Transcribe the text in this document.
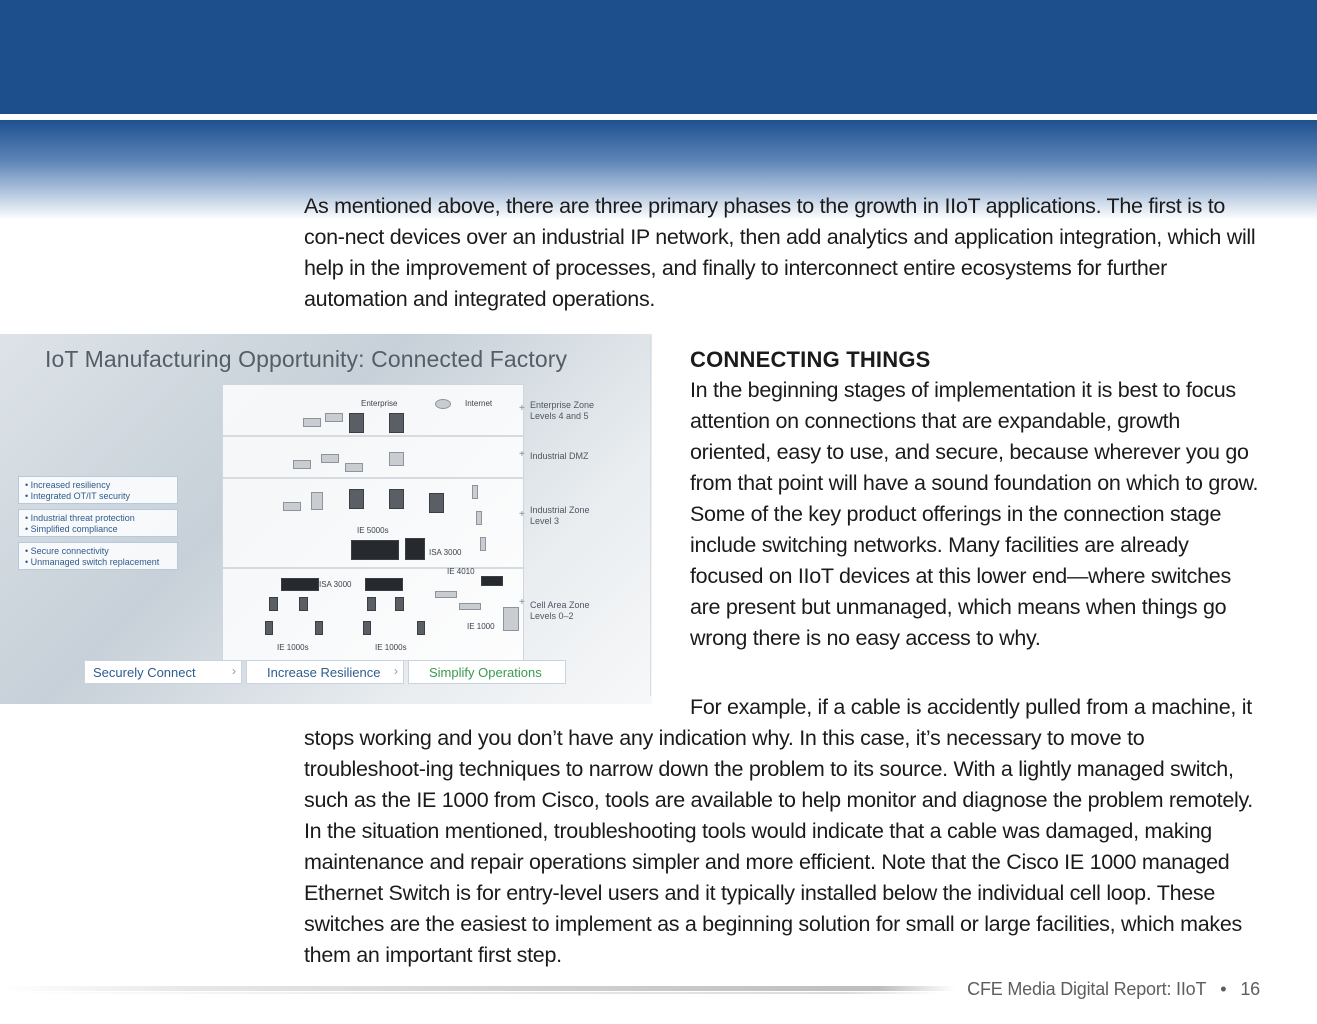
As mentioned above, there are three primary phases to the growth in IIoT applications. The first is to con-nect devices over an industrial IP network, then add analytics and application integration, which will help in the improvement of processes, and finally to interconnect entire ecosystems for further automation and integrated operations.

IoT Manufacturing Opportunity: Connected Factory
• Increased resiliency
• Integrated OT/IT security
• Industrial threat protection
• Simplified compliance
• Secure connectivity
• Unmanaged switch replacement
Enterprise	Internet
IE 5000s
ISA 3000
IE 4010
ISA 3000
IE 1000
IE 1000s	IE 1000s
+
+
+
+
Enterprise Zone
Levels 4 and 5
Industrial DMZ
Industrial Zone
Level 3
Cell Area Zone
Levels 0–2
Securely Connect	›	Increase Resilience	›	Simplify Operations
CONNECTING THINGS

In the beginning stages of implementation it is best to focus attention on connections that are expandable, growth oriented, easy to use, and secure, because wherever you go from that point will have a sound foundation on which to grow. Some of the key product offerings in the connection stage include switching networks. Many facilities are already focused on IIoT devices at this lower end—where switches are present but unmanaged, which means when things go wrong there is no easy access to why.

For example, if a cable is accidently pulled from a machine, it
stops working and you don’t have any indication why. In this case, it’s necessary to move to troubleshoot-ing techniques to narrow down the problem to its source. With a lightly managed switch, such as the IE 1000 from Cisco, tools are available to help monitor and diagnose the problem remotely. In the situation mentioned, troubleshooting tools would indicate that a cable was damaged, making maintenance and repair operations simpler and more efficient. Note that the Cisco IE 1000 managed Ethernet Switch is for entry-level users and it typically installed below the individual cell loop. These switches are the easiest to implement as a beginning solution for small or large facilities, which makes them an important first step.
CFE Media Digital Report: IIoT • 16
